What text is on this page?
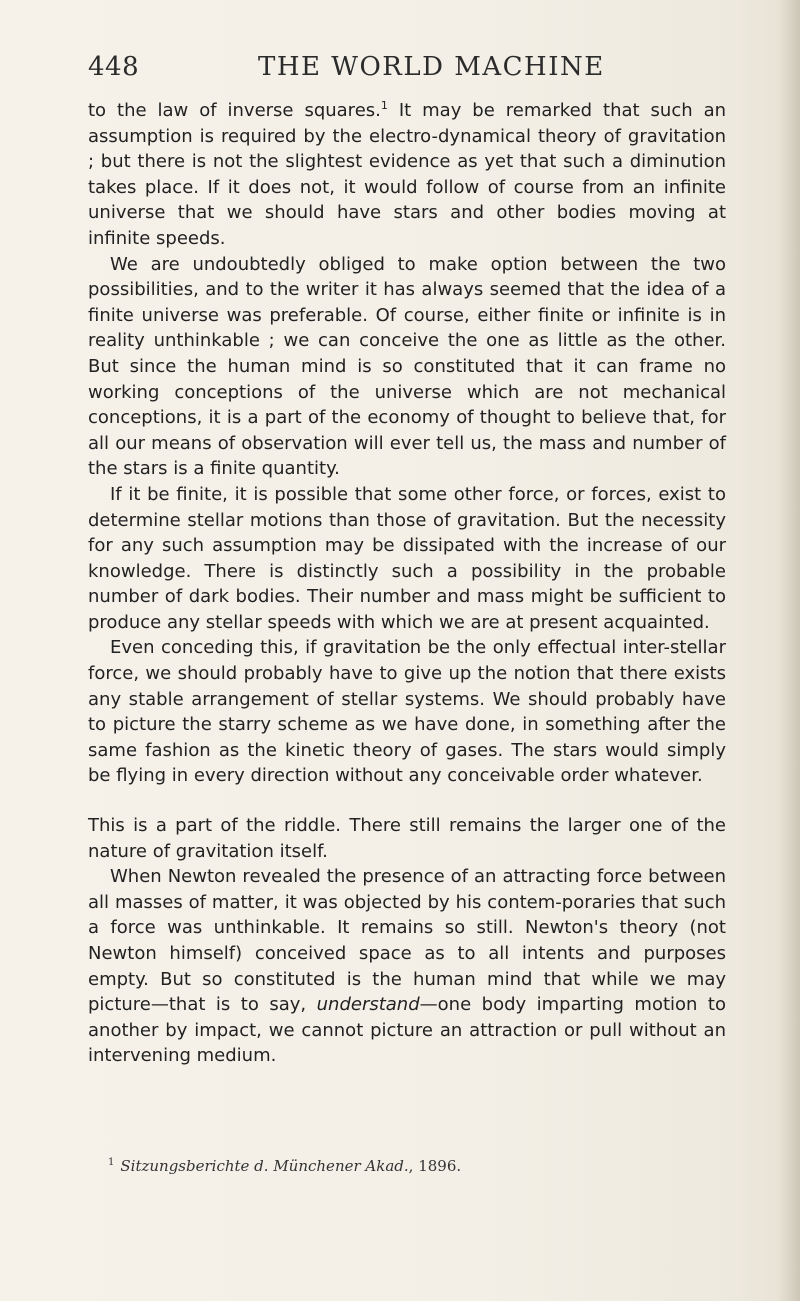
448	THE WORLD MACHINE

to the law of inverse squares.$^1$ It may be remarked that such an assumption is required by the electro-dynamical theory of gravitation ; but there is not the slightest evidence as yet that such a diminution takes place. If it does not, it would follow of course from an infinite universe that we should have stars and other bodies moving at infinite speeds.

We are undoubtedly obliged to make option between the two possibilities, and to the writer it has always seemed that the idea of a finite universe was preferable. Of course, either finite or infinite is in reality unthinkable ; we can conceive the one as little as the other. But since the human mind is so constituted that it can frame no working conceptions of the universe which are not mechanical conceptions, it is a part of the economy of thought to believe that, for all our means of observation will ever tell us, the mass and number of the stars is a finite quantity.

If it be finite, it is possible that some other force, or forces, exist to determine stellar motions than those of gravitation. But the necessity for any such assumption may be dissipated with the increase of our knowledge. There is distinctly such a possibility in the probable number of dark bodies. Their number and mass might be sufficient to produce any stellar speeds with which we are at present acquainted.

Even conceding this, if gravitation be the only effectual inter-stellar force, we should probably have to give up the notion that there exists any stable arrangement of stellar systems. We should probably have to picture the starry scheme as we have done, in something after the same fashion as the kinetic theory of gases. The stars would simply be flying in every direction without any conceivable order whatever.

This is a part of the riddle. There still remains the larger one of the nature of gravitation itself.

When Newton revealed the presence of an attracting force between all masses of matter, it was objected by his contem-poraries that such a force was unthinkable. It remains so still. Newton's theory (not Newton himself) conceived space as to all intents and purposes empty. But so constituted is the human mind that while we may picture—that is to say, understand—one body imparting motion to another by impact, we cannot picture an attraction or pull without an intervening medium.

$^1$ Sitzungsberichte d. Münchener Akad., 1896.
